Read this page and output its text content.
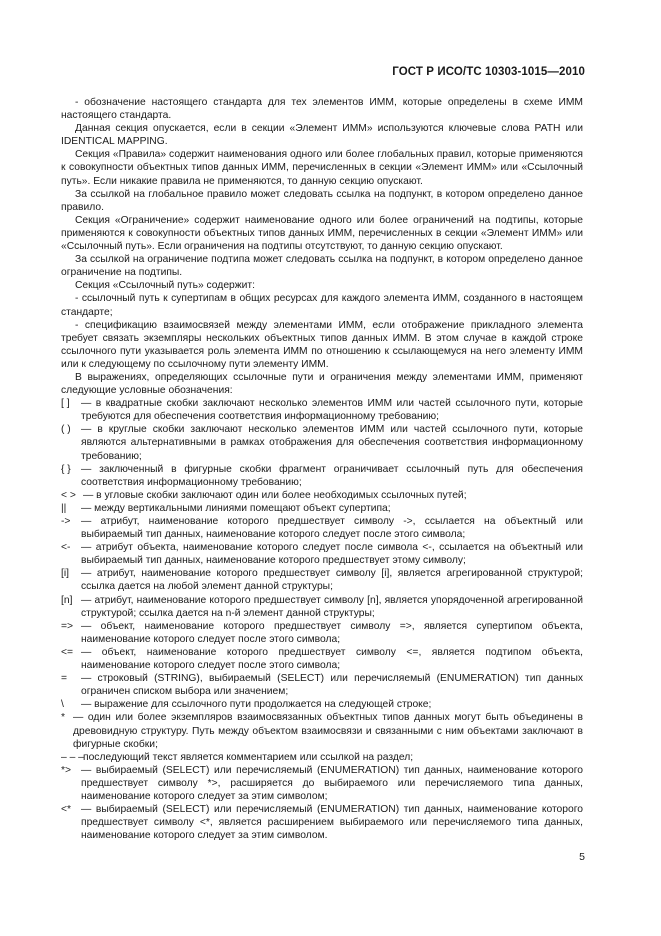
ГОСТ Р ИСО/ТС 10303-1015—2010

- обозначение настоящего стандарта для тех элементов ИММ, которые определены в схеме ИММ настоящего стандарта.

Данная секция опускается, если в секции «Элемент ИММ» используются ключевые слова PATH или IDENTICAL MAPPING.

Секция «Правила» содержит наименования одного или более глобальных правил, которые применяются к совокупности объектных типов данных ИММ, перечисленных в секции «Элемент ИММ» или «Ссылочный путь». Если никакие правила не применяются, то данную секцию опускают.

За ссылкой на глобальное правило может следовать ссылка на подпункт, в котором определено данное правило.

Секция «Ограничение» содержит наименование одного или более ограничений на подтипы, которые применяются к совокупности объектных типов данных ИММ, перечисленных в секции «Элемент ИММ» или «Ссылочный путь». Если ограничения на подтипы отсутствуют, то данную секцию опускают.

За ссылкой на ограничение подтипа может следовать ссылка на подпункт, в котором определено данное ограничение на подтипы.

Секция «Ссылочный путь» содержит:

- ссылочный путь к супертипам в общих ресурсах для каждого элемента ИММ, созданного в настоящем стандарте;

- спецификацию взаимосвязей между элементами ИММ, если отображение прикладного элемента требует связать экземпляры нескольких объектных типов данных ИММ. В этом случае в каждой строке ссылочного пути указывается роль элемента ИММ по отношению к ссылающемуся на него элементу ИММ или к следующему по ссылочному пути элементу ИММ.

В выражениях, определяющих ссылочные пути и ограничения между элементами ИММ, применяют следующие условные обозначения:

[ ]	— в квадратные скобки заключают несколько элементов ИММ или частей ссылочного пути, которые требуются для обеспечения соответствия информационному требованию;
( ) — в круглые скобки заключают несколько элементов ИММ или частей ссылочного пути, которые являются альтернативными в рамках отображения для обеспечения соответствия информационному требованию;
{ } — заключенный в фигурные скобки фрагмент ограничивает ссылочный путь для обеспечения соответствия информационному требованию;
< > — в угловые скобки заключают один или более необходимых ссылочных путей;
||	— между вертикальными линиями помещают объект супертипа;
->	— атрибут, наименование которого предшествует символу ->, ссылается на объектный или выбираемый тип данных, наименование которого следует после этого символа;
<-	— атрибут объекта, наименование которого следует после символа <-, ссылается на объектный или выбираемый тип данных, наименование которого предшествует этому символу;
[i]	— атрибут, наименование которого предшествует символу [i], является агрегированной структурой; ссылка дается на любой элемент данной структуры;
[n] — атрибут, наименование которого предшествует символу [n], является упорядоченной агрегированной структурой; ссылка дается на n-й элемент данной структуры;
=> — объект, наименование которого предшествует символу =>, является супертипом объекта, наименование которого следует после этого символа;
<= — объект, наименование которого предшествует символу <=, является подтипом объекта, наименование которого следует после этого символа;
=	— строковый (STRING), выбираемый (SELECT) или перечисляемый (ENUMERATION) тип данных ограничен списком выбора или значением;
\	— выражение для ссылочного пути продолжается на следующей строке;
* — один или более экземпляров взаимосвязанных объектных типов данных могут быть объединены в древовидную структуру. Путь между объектом взаимосвязи и связанными с ним объектами заключают в фигурные скобки;
– – – последующий текст является комментарием или ссылкой на раздел;
*> — выбираемый (SELECT) или перечисляемый (ENUMERATION) тип данных, наименование которого предшествует символу *>, расширяется до выбираемого или перечисляемого типа данных, наименование которого следует за этим символом;
<* — выбираемый (SELECT) или перечисляемый (ENUMERATION) тип данных, наименование которого предшествует символу <*, является расширением выбираемого или перечисляемого типа данных, наименование которого следует за этим символом.
5
